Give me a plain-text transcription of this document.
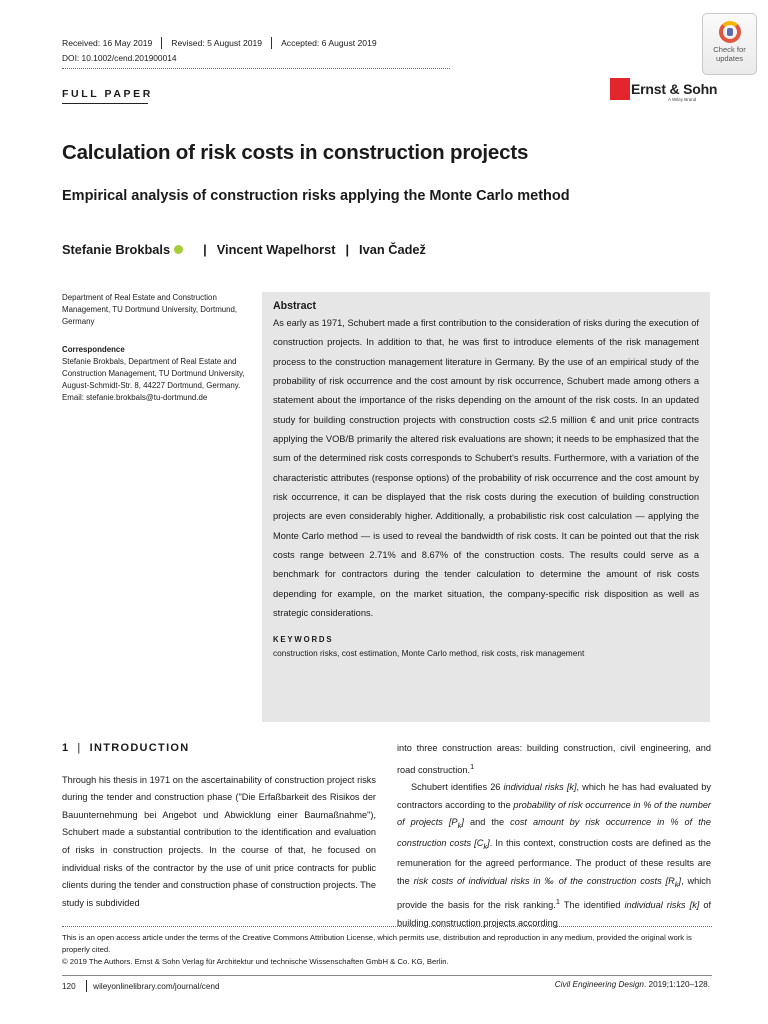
Received: 16 May 2019 Revised: 5 August 2019 Accepted: 6 August 2019
DOI: 10.1002/cend.201900014
Check for
updates
Ernst & Sohn
A Wiley Brand
FULL PAPER
Calculation of risk costs in construction projects
Empirical analysis of construction risks applying the Monte Carlo method
Stefanie Brokbals	| Vincent Wapelhorst | Ivan Čadež
Department of Real Estate and Construction Management, TU Dortmund University, Dortmund, Germany
Correspondence
Stefanie Brokbals, Department of Real Estate and Construction Management, TU Dortmund University, August-Schmidt-Str. 8, 44227 Dortmund, Germany.
Email: stefanie.brokbals@tu-dortmund.de
Abstract

As early as 1971, Schubert made a first contribution to the consideration of risks during the execution of construction projects. In addition to that, he was first to introduce elements of the risk management process to the construction management literature in Germany. By the use of an empirical study of the probability of risk occurrence and the cost amount by risk occurrence, Schubert made among others a statement about the importance of the risks depending on the amount of the risk costs. In an updated study for building construction projects with construction costs ≤2.5 million € and unit price contracts applying the VOB/B primarily the altered risk evaluations are shown; it needs to be emphasized that the sum of the determined risk costs corresponds to Schubert's results. Furthermore, with a variation of the characteristic attributes (response options) of the probability of risk occurrence and the cost amount by risk occurrence, it can be displayed that the risk costs during the execution of building construction projects are even considerably higher. Additionally, a probabilistic risk cost calculation — applying the Monte Carlo method — is used to reveal the bandwidth of risk costs. It can be pointed out that the risk costs range between 2.71% and 8.67% of the construction costs. The results could serve as a benchmark for contractors during the tender calculation to determine the amount of risk costs depending for example, on the market situation, the company-specific risk disposition as well as strategic considerations.

KEYWORDS
construction risks, cost estimation, Monte Carlo method, risk costs, risk management
1 | INTRODUCTION

Through his thesis in 1971 on the ascertainability of construction project risks during the tender and construction phase ("Die Erfaßbarkeit des Risikos der Bauunternehmung bei Angebot und Abwicklung einer Baumaßnahme"), Schubert made a substantial contribution to the identification and evaluation of risks in construction projects. In the course of that, he focused on individual risks of the contractor by the use of unit price contracts for public clients during the tender and construction phase of construction projects. The study is subdivided

into three construction areas: building construction, civil engineering, and road construction.$^1$

Schubert identifies 26 individual risks [k], which he has had evaluated by contractors according to the probability of risk occurrence in % of the number of projects $[P_k]$ and the cost amount by risk occurrence in % of the construction costs $[C_k]$. In this context, construction costs are defined as the remuneration for the agreed performance. The product of these results are the risk costs of individual risks in ‰ of the construction costs $[R_k]$, which provide the basis for the risk ranking.$^1$ The identified individual risks [k] of building construction projects according

This is an open access article under the terms of the Creative Commons Attribution License, which permits use, distribution and reproduction in any medium, provided the original work is properly cited.
© 2019 The Authors. Ernst & Sohn Verlag für Architektur und technische Wissenschaften GmbH & Co. KG, Berlin.
120 wileyonlinelibrary.com/journal/cend	Civil Engineering Design. 2019;1:120–128.
